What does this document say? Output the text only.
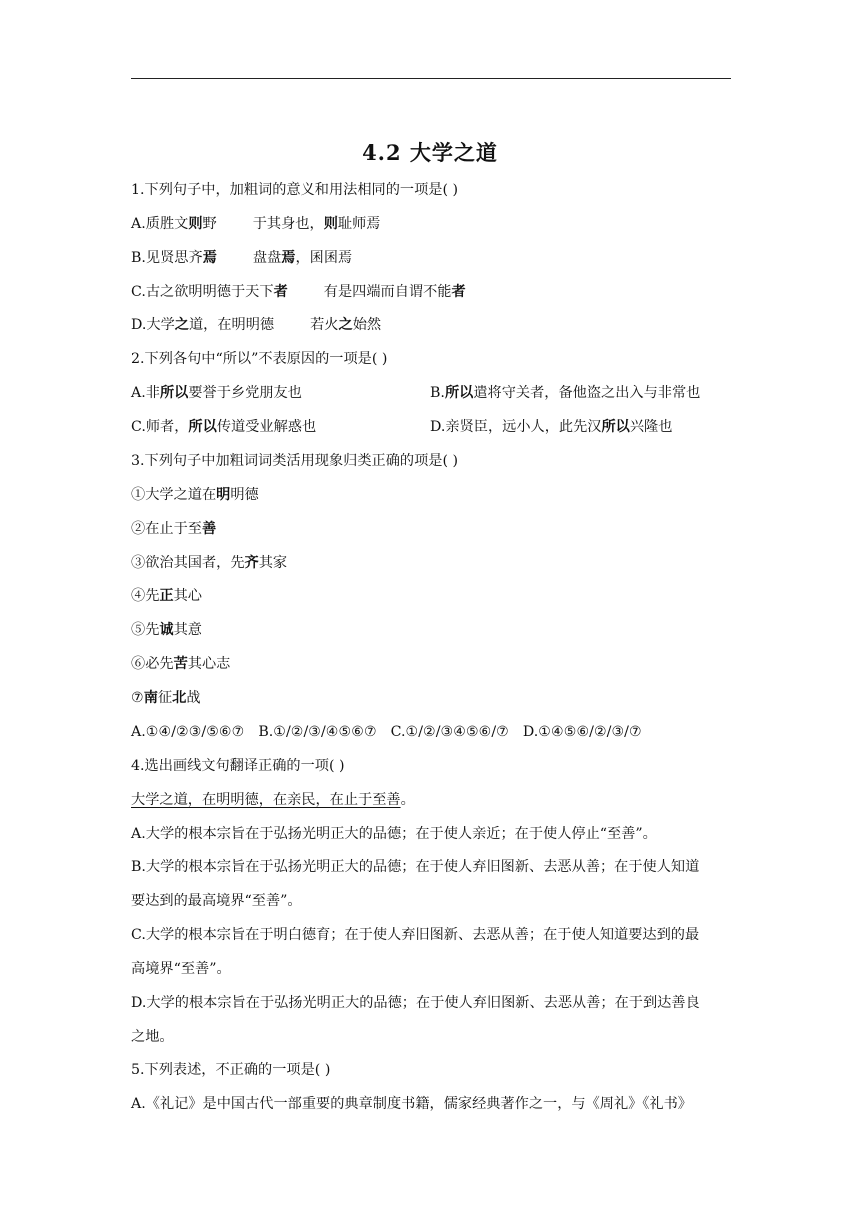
4.2 大学之道
1.下列句子中，加粗词的意义和用法相同的一项是( )
A.质胜文则野	于其身也，则耻师焉
B.见贤思齐焉	盘盘焉，囷囷焉
C.古之欲明明德于天下者	有是四端而自谓不能者
D.大学之道，在明明德	若火之始然
2.下列各句中“所以”不表原因的一项是( )
A.非所以要誉于乡党朋友也	B.所以遣将守关者，备他盗之出入与非常也
C.师者，所以传道受业解惑也	D.亲贤臣，远小人，此先汉所以兴隆也
3.下列句子中加粗词词类活用现象归类正确的项是( )
①大学之道在明明德
②在止于至善
③欲治其国者，先齐其家
④先正其心
⑤先诚其意
⑥必先苦其心志
⑦南征北战
A.①④/②③/⑤⑥⑦ B.①/②/③/④⑤⑥⑦ C.①/②/③④⑤⑥/⑦ D.①④⑤⑥/②/③/⑦
4.选出画线文句翻译正确的一项( )
大学之道，在明明德，在亲民，在止于至善。
A.大学的根本宗旨在于弘扬光明正大的品德；在于使人亲近；在于使人停止“至善”。
B.大学的根本宗旨在于弘扬光明正大的品德；在于使人弃旧图新、去恶从善；在于使人知道
要达到的最高境界“至善”。
C.大学的根本宗旨在于明白德育；在于使人弃旧图新、去恶从善；在于使人知道要达到的最
高境界“至善”。
D.大学的根本宗旨在于弘扬光明正大的品德；在于使人弃旧图新、去恶从善；在于到达善良
之地。
5.下列表述，不正确的一项是( )
A.《礼记》是中国古代一部重要的典章制度书籍，儒家经典著作之一，与《周礼》《礼书》
